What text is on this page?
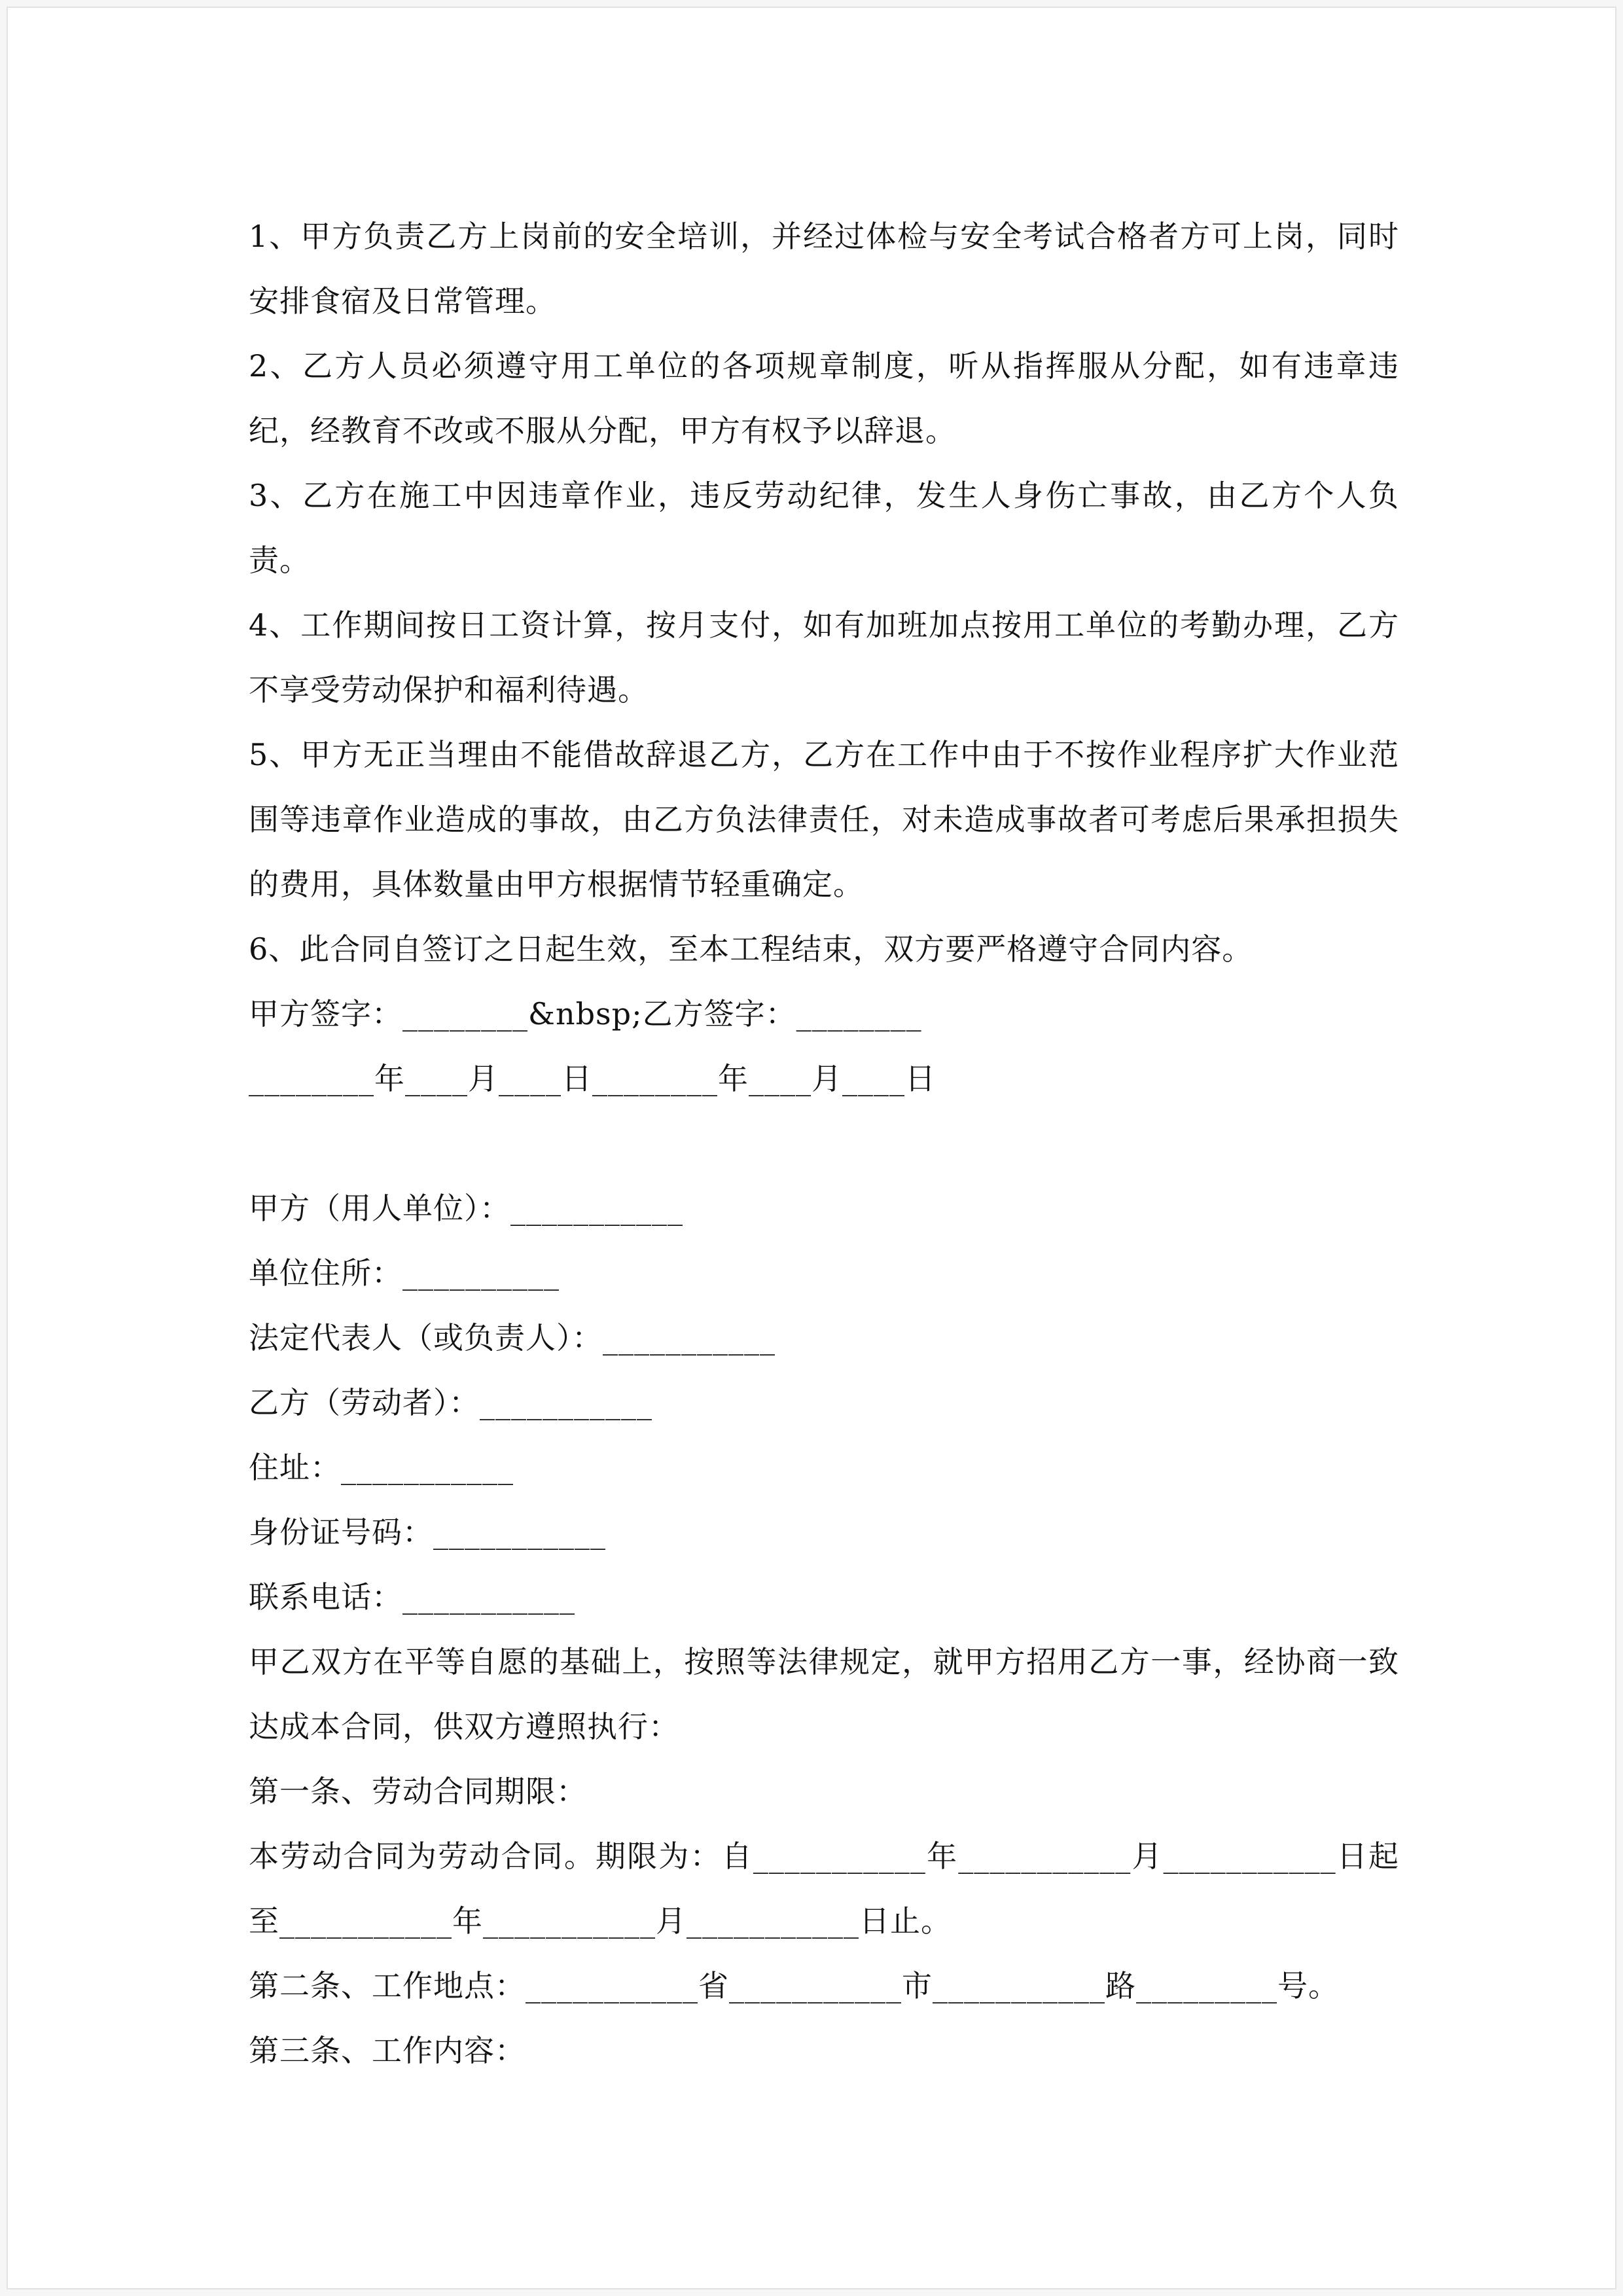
1、甲方负责乙方上岗前的安全培训，并经过体检与安全考试合格者方可上岗，同时安排食宿及日常管理。

2、乙方人员必须遵守用工单位的各项规章制度，听从指挥服从分配，如有违章违纪，经教育不改或不服从分配，甲方有权予以辞退。

3、乙方在施工中因违章作业，违反劳动纪律，发生人身伤亡事故，由乙方个人负责。

4、工作期间按日工资计算，按月支付，如有加班加点按用工单位的考勤办理，乙方不享受劳动保护和福利待遇。

5、甲方无正当理由不能借故辞退乙方，乙方在工作中由于不按作业程序扩大作业范围等违章作业造成的事故，由乙方负法律责任，对未造成事故者可考虑后果承担损失的费用，具体数量由甲方根据情节轻重确定。

6、此合同自签订之日起生效，至本工程结束，双方要严格遵守合同内容。

甲方签字：________&nbsp;乙方签字：________

________年____月____日________年____月____日

甲方（用人单位）：___________

单位住所：__________

法定代表人（或负责人）：___________

乙方（劳动者）：___________

住址：___________

身份证号码：___________

联系电话：___________

甲乙双方在平等自愿的基础上，按照等法律规定，就甲方招用乙方一事，经协商一致达成本合同，供双方遵照执行：

第一条、劳动合同期限：

本劳动合同为劳动合同。期限为：自___________年___________月___________日起至___________年___________月___________日止。

第二条、工作地点：___________省___________市___________路_________号。

第三条、工作内容：
